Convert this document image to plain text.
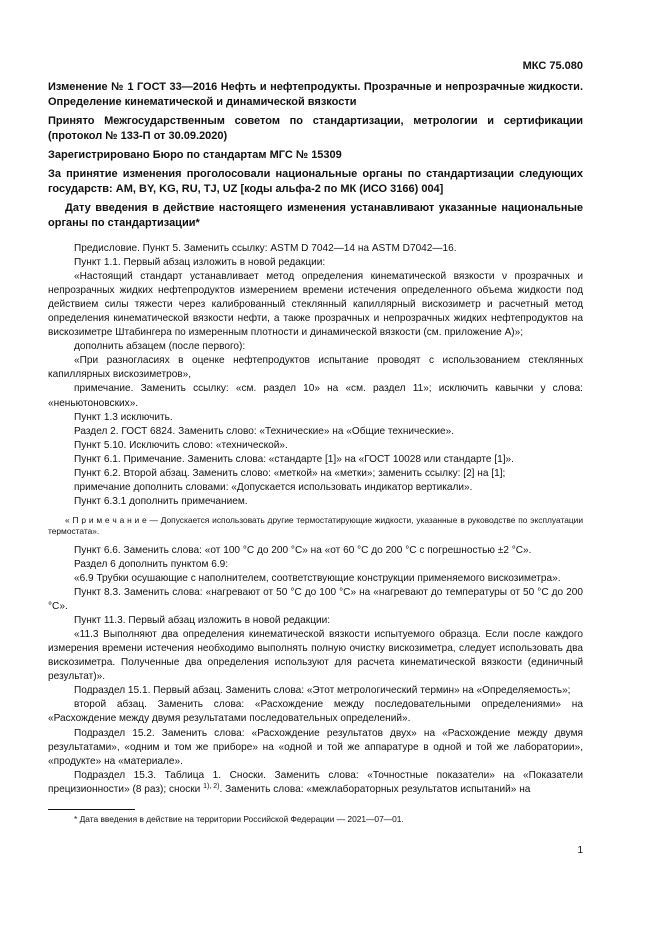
МКС 75.080
Изменение № 1 ГОСТ 33—2016 Нефть и нефтепродукты. Прозрачные и непрозрачные жидкости. Определение кинематической и динамической вязкости
Принято Межгосударственным советом по стандартизации, метрологии и сертификации (протокол № 133-П от 30.09.2020)
Зарегистрировано Бюро по стандартам МГС № 15309
За принятие изменения проголосовали национальные органы по стандартизации следующих государств: AM, BY, KG, RU, TJ, UZ [коды альфа-2 по МК (ИСО 3166) 004]
Дату введения в действие настоящего изменения устанавливают указанные национальные органы по стандартизации*

Предисловие. Пункт 5. Заменить ссылку: ASTM D 7042—14 на ASTM D7042—16.

Пункт 1.1. Первый абзац изложить в новой редакции:

«Настоящий стандарт устанавливает метод определения кинематической вязкости ν прозрачных и непрозрачных жидких нефтепродуктов измерением времени истечения определенного объема жидкости под действием силы тяжести через калиброванный стеклянный капиллярный вискозиметр и расчетный метод определения кинематической вязкости нефти, а также прозрачных и непрозрачных жидких нефтепродуктов на вискозиметре Штабингера по измеренным плотности и динамической вязкости (см. приложение А)»;

дополнить абзацем (после первого):

«При разногласиях в оценке нефтепродуктов испытание проводят с использованием стеклянных капиллярных вискозиметров»,

примечание. Заменить ссылку: «см. раздел 10» на «см. раздел 11»; исключить кавычки у слова: «неньютоновских».

Пункт 1.3 исключить.

Раздел 2. ГОСТ 6824. Заменить слово: «Технические» на «Общие технические».

Пункт 5.10. Исключить слово: «технической».

Пункт 6.1. Примечание. Заменить слова: «стандарте [1]» на «ГОСТ 10028 или стандарте [1]».

Пункт 6.2. Второй абзац. Заменить слово: «меткой» на «метки»; заменить ссылку: [2] на [1];

примечание дополнить словами: «Допускается использовать индикатор вертикали».

Пункт 6.3.1 дополнить примечанием.

« П р и м е ч а н и е — Допускается использовать другие термостатирующие жидкости, указанные в руководстве по эксплуатации термостата».

Пункт 6.6. Заменить слова: «от 100 °С до 200 °С» на «от 60 °С до 200 °С с погрешностью ±2 °С».

Раздел 6 дополнить пунктом 6.9:

«6.9 Трубки осушающие с наполнителем, соответствующие конструкции применяемого вискозиметра».

Пункт 8.3. Заменить слова: «нагревают от 50 °С до 100 °С» на «нагревают до температуры от 50 °С до 200 °С».

Пункт 11.3. Первый абзац изложить в новой редакции:

«11.3 Выполняют два определения кинематической вязкости испытуемого образца. Если после каждого измерения времени истечения необходимо выполнять полную очистку вискозиметра, следует использовать два вискозиметра. Полученные два определения используют для расчета кинематической вязкости (единичный результат)».

Подраздел 15.1. Первый абзац. Заменить слова: «Этот метрологический термин» на «Определяемость»;

второй абзац. Заменить слова: «Расхождение между последовательными определениями» на «Расхождение между двумя результатами последовательных определений».

Подраздел 15.2. Заменить слова: «Расхождение результатов двух» на «Расхождение между двумя результатами», «одним и том же приборе» на «одной и той же аппаратуре в одной и той же лаборатории», «продукте» на «материале».

Подраздел 15.3. Таблица 1. Сноски. Заменить слова: «Точностные показатели» на «Показатели прецизионности» (8 раз); сноски $^{1), 2)}$. Заменить слова: «межлабораторных результатов испытаний» на

* Дата введения в действие на территории Российской Федерации — 2021—07—01.
1
